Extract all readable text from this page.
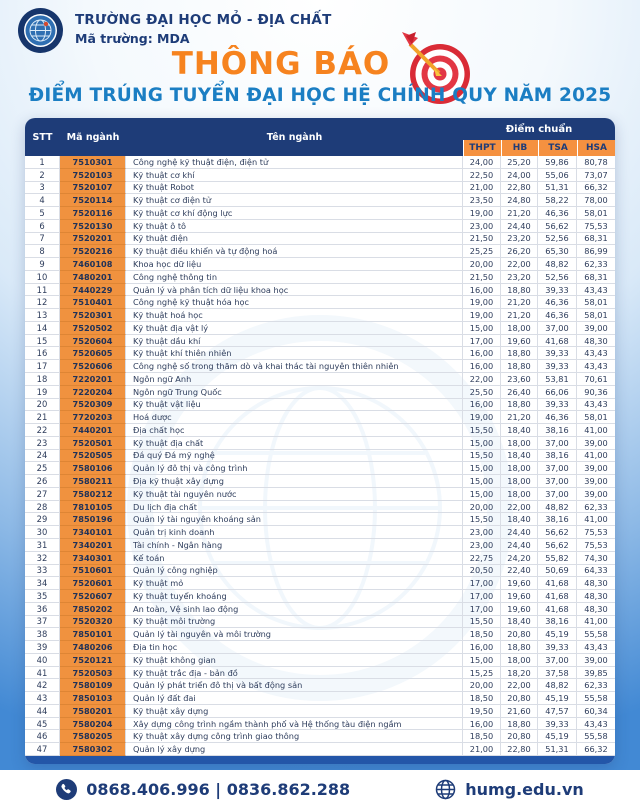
TRƯỜNG ĐẠI HỌC MỎ - ĐỊA CHẤT
Mã trường: MDA
THÔNG BÁO
ĐIỂM TRÚNG TUYỂN ĐẠI HỌC HỆ CHÍNH QUY NĂM 2025
STT	Mã ngành	Tên ngành
Điểm chuẩn
THPT	HB	TSA	HSA
1	7510301	Công nghệ kỹ thuật điện, điện tử	24,00	25,20	59,86	80,78
2	7520103	Kỹ thuật cơ khí	22,50	24,00	55,06	73,07
3	7520107	Kỹ thuật Robot	21,00	22,80	51,31	66,32
4	7520114	Kỹ thuật cơ điện tử	23,50	24,80	58,22	78,00
5	7520116	Kỹ thuật cơ khí động lực	19,00	21,20	46,36	58,01
6	7520130	Kỹ thuật ô tô	23,00	24,40	56,62	75,53
7	7520201	Kỹ thuật điện	21,50	23,20	52,56	68,31
8	7520216	Kỹ thuật điều khiển và tự động hoá	25,25	26,20	65,30	86,99
9	7460108	Khoa học dữ liệu	20,00	22,00	48,82	62,33
10	7480201	Công nghệ thông tin	21,50	23,20	52,56	68,31
11	7440229	Quản lý và phân tích dữ liệu khoa học	16,00	18,80	39,33	43,43
12	7510401	Công nghệ kỹ thuật hóa học	19,00	21,20	46,36	58,01
13	7520301	Kỹ thuật hoá học	19,00	21,20	46,36	58,01
14	7520502	Kỹ thuật địa vật lý	15,00	18,00	37,00	39,00
15	7520604	Kỹ thuật dầu khí	17,00	19,60	41,68	48,30
16	7520605	Kỹ thuật khí thiên nhiên	16,00	18,80	39,33	43,43
17	7520606	Công nghệ số trong thăm dò và khai thác tài nguyên thiên nhiên	16,00	18,80	39,33	43,43
18	7220201	Ngôn ngữ Anh	22,00	23,60	53,81	70,61
19	7220204	Ngôn ngữ Trung Quốc	25,50	26,40	66,06	90,36
20	7520309	Kỹ thuật vật liệu	16,00	18,80	39,33	43,43
21	7720203	Hoá dược	19,00	21,20	46,36	58,01
22	7440201	Địa chất học	15,50	18,40	38,16	41,00
23	7520501	Kỹ thuật địa chất	15,00	18,00	37,00	39,00
24	7520505	Đá quý Đá mỹ nghệ	15,50	18,40	38,16	41,00
25	7580106	Quản lý đô thị và công trình	15,00	18,00	37,00	39,00
26	7580211	Địa kỹ thuật xây dựng	15,00	18,00	37,00	39,00
27	7580212	Kỹ thuật tài nguyên nước	15,00	18,00	37,00	39,00
28	7810105	Du lịch địa chất	20,00	22,00	48,82	62,33
29	7850196	Quản lý tài nguyên khoáng sản	15,50	18,40	38,16	41,00
30	7340101	Quản trị kinh doanh	23,00	24,40	56,62	75,53
31	7340201	Tài chính - Ngân hàng	23,00	24,40	56,62	75,53
32	7340301	Kế toán	22,75	24,20	55,82	74,30
33	7510601	Quản lý công nghiệp	20,50	22,40	50,69	64,33
34	7520601	Kỹ thuật mỏ	17,00	19,60	41,68	48,30
35	7520607	Kỹ thuật tuyển khoáng	17,00	19,60	41,68	48,30
36	7850202	An toàn, Vệ sinh lao động	17,00	19,60	41,68	48,30
37	7520320	Kỹ thuật môi trường	15,50	18,40	38,16	41,00
38	7850101	Quản lý tài nguyên và môi trường	18,50	20,80	45,19	55,58
39	7480206	Địa tin học	16,00	18,80	39,33	43,43
40	7520121	Kỹ thuật không gian	15,00	18,00	37,00	39,00
41	7520503	Kỹ thuật trắc địa - bản đồ	15,25	18,20	37,58	39,85
42	7580109	Quản lý phát triển đô thị và bất động sản	20,00	22,00	48,82	62,33
43	7850103	Quản lý đất đai	18,50	20,80	45,19	55,58
44	7580201	Kỹ thuật xây dựng	19,50	21,60	47,57	60,34
45	7580204	Xây dựng công trình ngầm thành phố và Hệ thống tàu điện ngầm	16,00	18,80	39,33	43,43
46	7580205	Kỹ thuật xây dựng công trình giao thông	18,50	20,80	45,19	55,58
47	7580302	Quản lý xây dựng	21,00	22,80	51,31	66,32
0868.406.996 | 0836.862.288	humg.edu.vn
